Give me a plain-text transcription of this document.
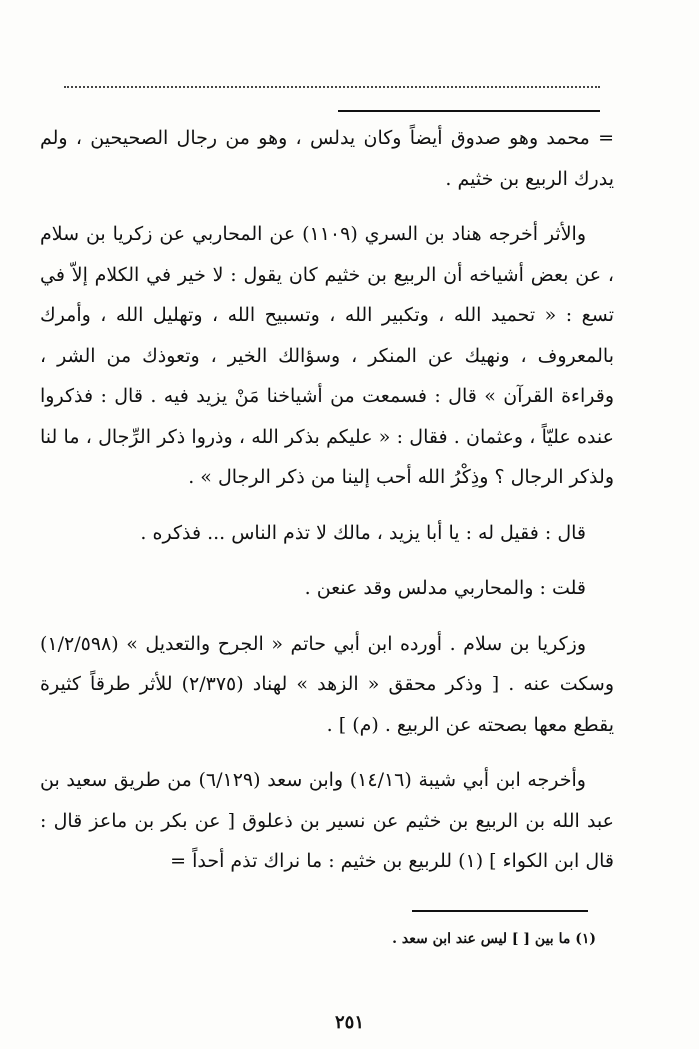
= محمد وهو صدوق أيضاً وكان يدلس ، وهو من رجال الصحيحين ، ولم يدرك الربيع بن خثيم .

والأثر أخرجه هناد بن السري (١١٠٩) عن المحاربي عن زكريا بن سلام ، عن بعض أشياخه أن الربيع بن خثيم كان يقول : لا خير في الكلام إلاّ في تسع : « تحميد الله ، وتكبير الله ، وتسبيح الله ، وتهليل الله ، وأمرك بالمعروف ، ونهيك عن المنكر ، وسؤالك الخير ، وتعوذك من الشر ، وقراءة القرآن » قال : فسمعت من أشياخنا مَنْ يزيد فيه . قال : فذكروا عنده عليّاً ، وعثمان . فقال : « عليكم بذكر الله ، وذروا ذكر الرِّجال ، ما لنا ولذكر الرجال ؟ وذِكْرُ الله أحب إلينا من ذكر الرجال » .

قال : فقيل له : يا أبا يزيد ، مالك لا تذم الناس ... فذكره .

قلت : والمحاربي مدلس وقد عنعن .

وزكريا بن سلام . أورده ابن أبي حاتم « الجرح والتعديل » (١/٢/٥٩٨) وسكت عنه . [ وذكر محقق « الزهد » لهناد (٢/٣٧٥) للأثر طرقاً كثيرة يقطع معها بصحته عن الربيع . (م) ] .

وأخرجه ابن أبي شيبة (١٤/١٦) وابن سعد (٦/١٢٩) من طريق سعيد بن عبد الله بن الربيع بن خثيم عن نسير بن ذعلوق [ عن بكر بن ماعز قال : قال ابن الكواء ] (١) للربيع بن خثيم : ما نراك تذم أحداً =

(١) ما بين [ ] ليس عند ابن سعد .

٢٥١
